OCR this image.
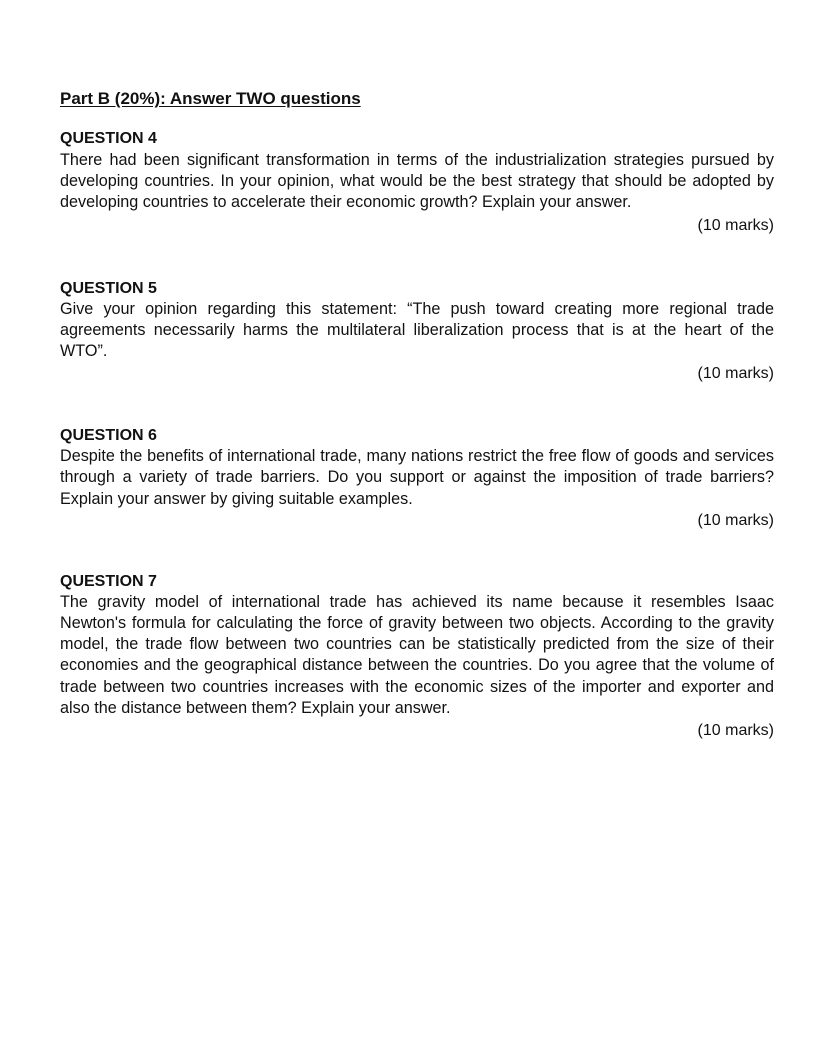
Part B (20%): Answer TWO questions

QUESTION 4

There had been significant transformation in terms of the industrialization strategies pursued by developing countries. In your opinion, what would be the best strategy that should be adopted by developing countries to accelerate their economic growth? Explain your answer.

(10 marks)

QUESTION 5

Give your opinion regarding this statement: “The push toward creating more regional trade agreements necessarily harms the multilateral liberalization process that is at the heart of the WTO”.

(10 marks)

QUESTION 6

Despite the benefits of international trade, many nations restrict the free flow of goods and services through a variety of trade barriers. Do you support or against the imposition of trade barriers? Explain your answer by giving suitable examples.

(10 marks)

QUESTION 7

The gravity model of international trade has achieved its name because it resembles Isaac Newton's formula for calculating the force of gravity between two objects. According to the gravity model, the trade flow between two countries can be statistically predicted from the size of their economies and the geographical distance between the countries. Do you agree that the volume of trade between two countries increases with the economic sizes of the importer and exporter and also the distance between them? Explain your answer.

(10 marks)
